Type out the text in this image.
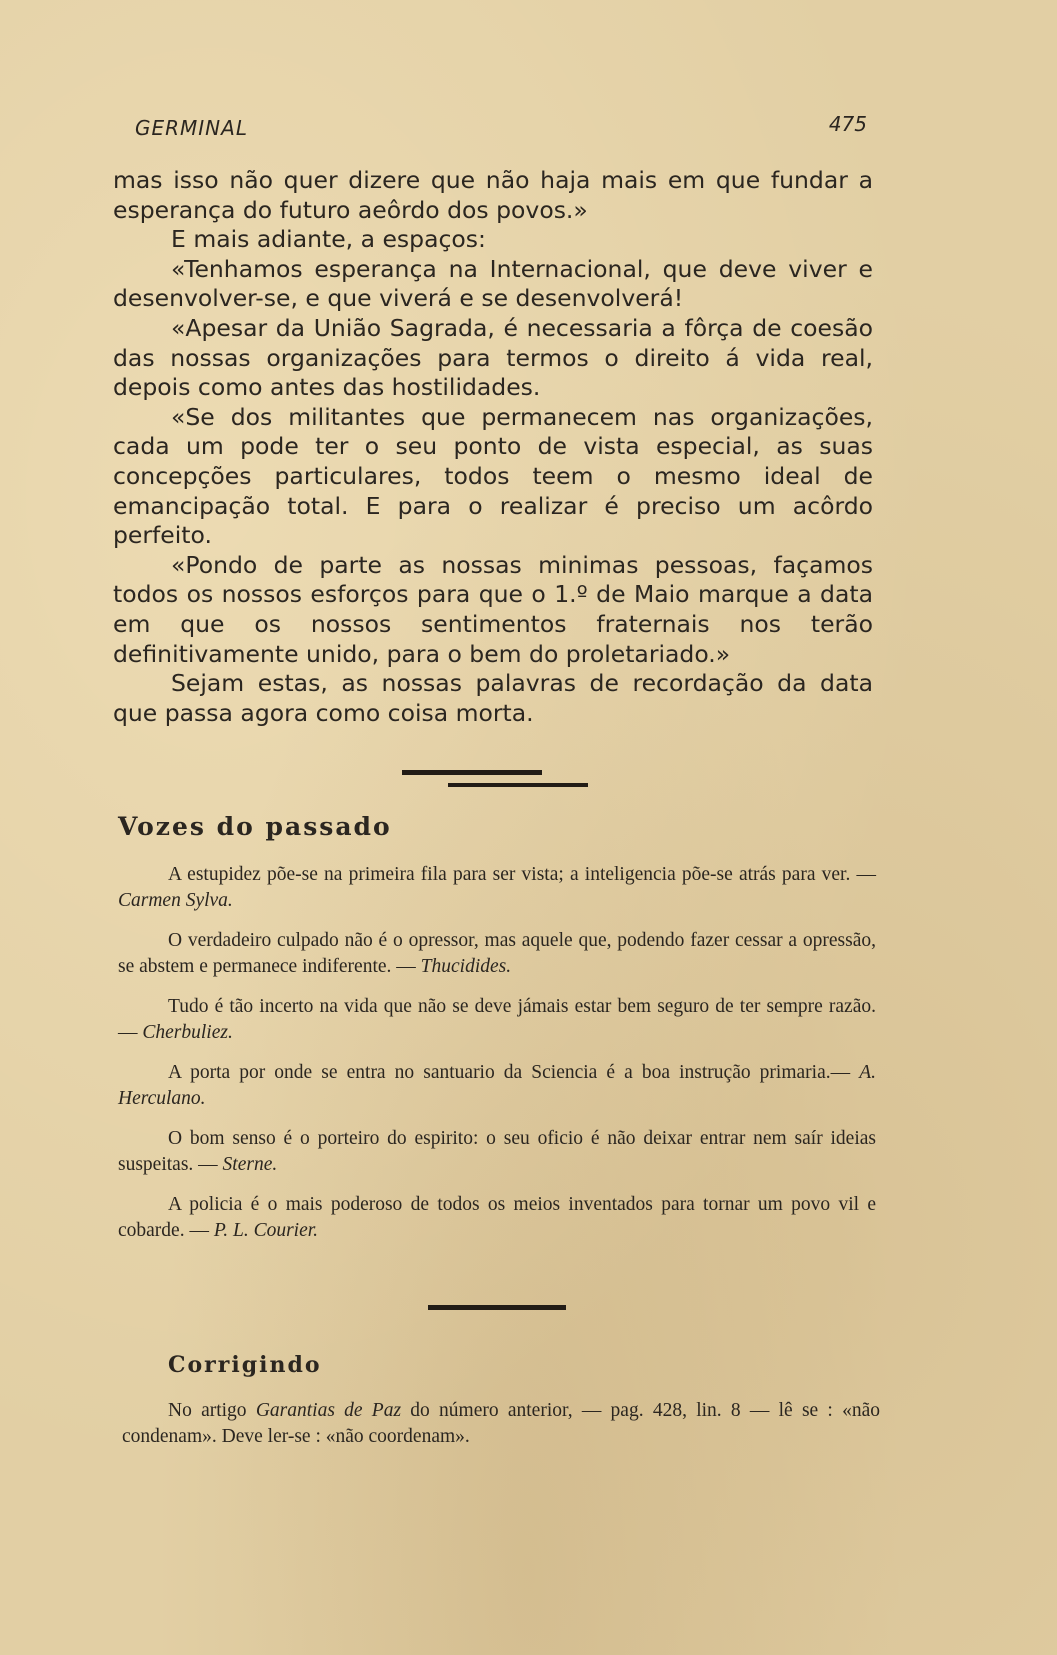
GERMINAL	475

mas isso não quer dizere que não haja mais em que fundar a esperança do futuro aeôrdo dos povos.»

E mais adiante, a espaços:

«Tenhamos esperança na Internacional, que deve viver e desenvolver-se, e que viverá e se desenvolverá!

«Apesar da União Sagrada, é necessaria a fôrça de coesão das nossas organizações para termos o direito á vida real, depois como antes das hostilidades.

«Se dos militantes que permanecem nas organizações, cada um pode ter o seu ponto de vista especial, as suas concepções particulares, todos teem o mesmo ideal de emancipação total. E para o realizar é preciso um acôrdo perfeito.

«Pondo de parte as nossas minimas pessoas, façamos todos os nossos esforços para que o 1.º de Maio marque a data em que os nossos sentimentos fraternais nos terão definitivamente unido, para o bem do proletariado.»

Sejam estas, as nossas palavras de recordação da data que passa agora como coisa morta.

Vozes do passado

A estupidez põe-se na primeira fila para ser vista; a inteligencia põe-se atrás para ver. — Carmen Sylva.

O verdadeiro culpado não é o opressor, mas aquele que, podendo fazer cessar a opressão, se abstem e permanece indiferente. — Thucidides.

Tudo é tão incerto na vida que não se deve jámais estar bem seguro de ter sempre razão. — Cherbuliez.

A porta por onde se entra no santuario da Sciencia é a boa instrução primaria.— A. Herculano.

O bom senso é o porteiro do espirito: o seu oficio é não deixar entrar nem saír ideias suspeitas. — Sterne.

A policia é o mais poderoso de todos os meios inventados para tornar um povo vil e cobarde. — P. L. Courier.

Corrigindo

No artigo Garantias de Paz do número anterior, — pag. 428, lin. 8 — lê se : «não condenam». Deve ler-se : «não coordenam».
